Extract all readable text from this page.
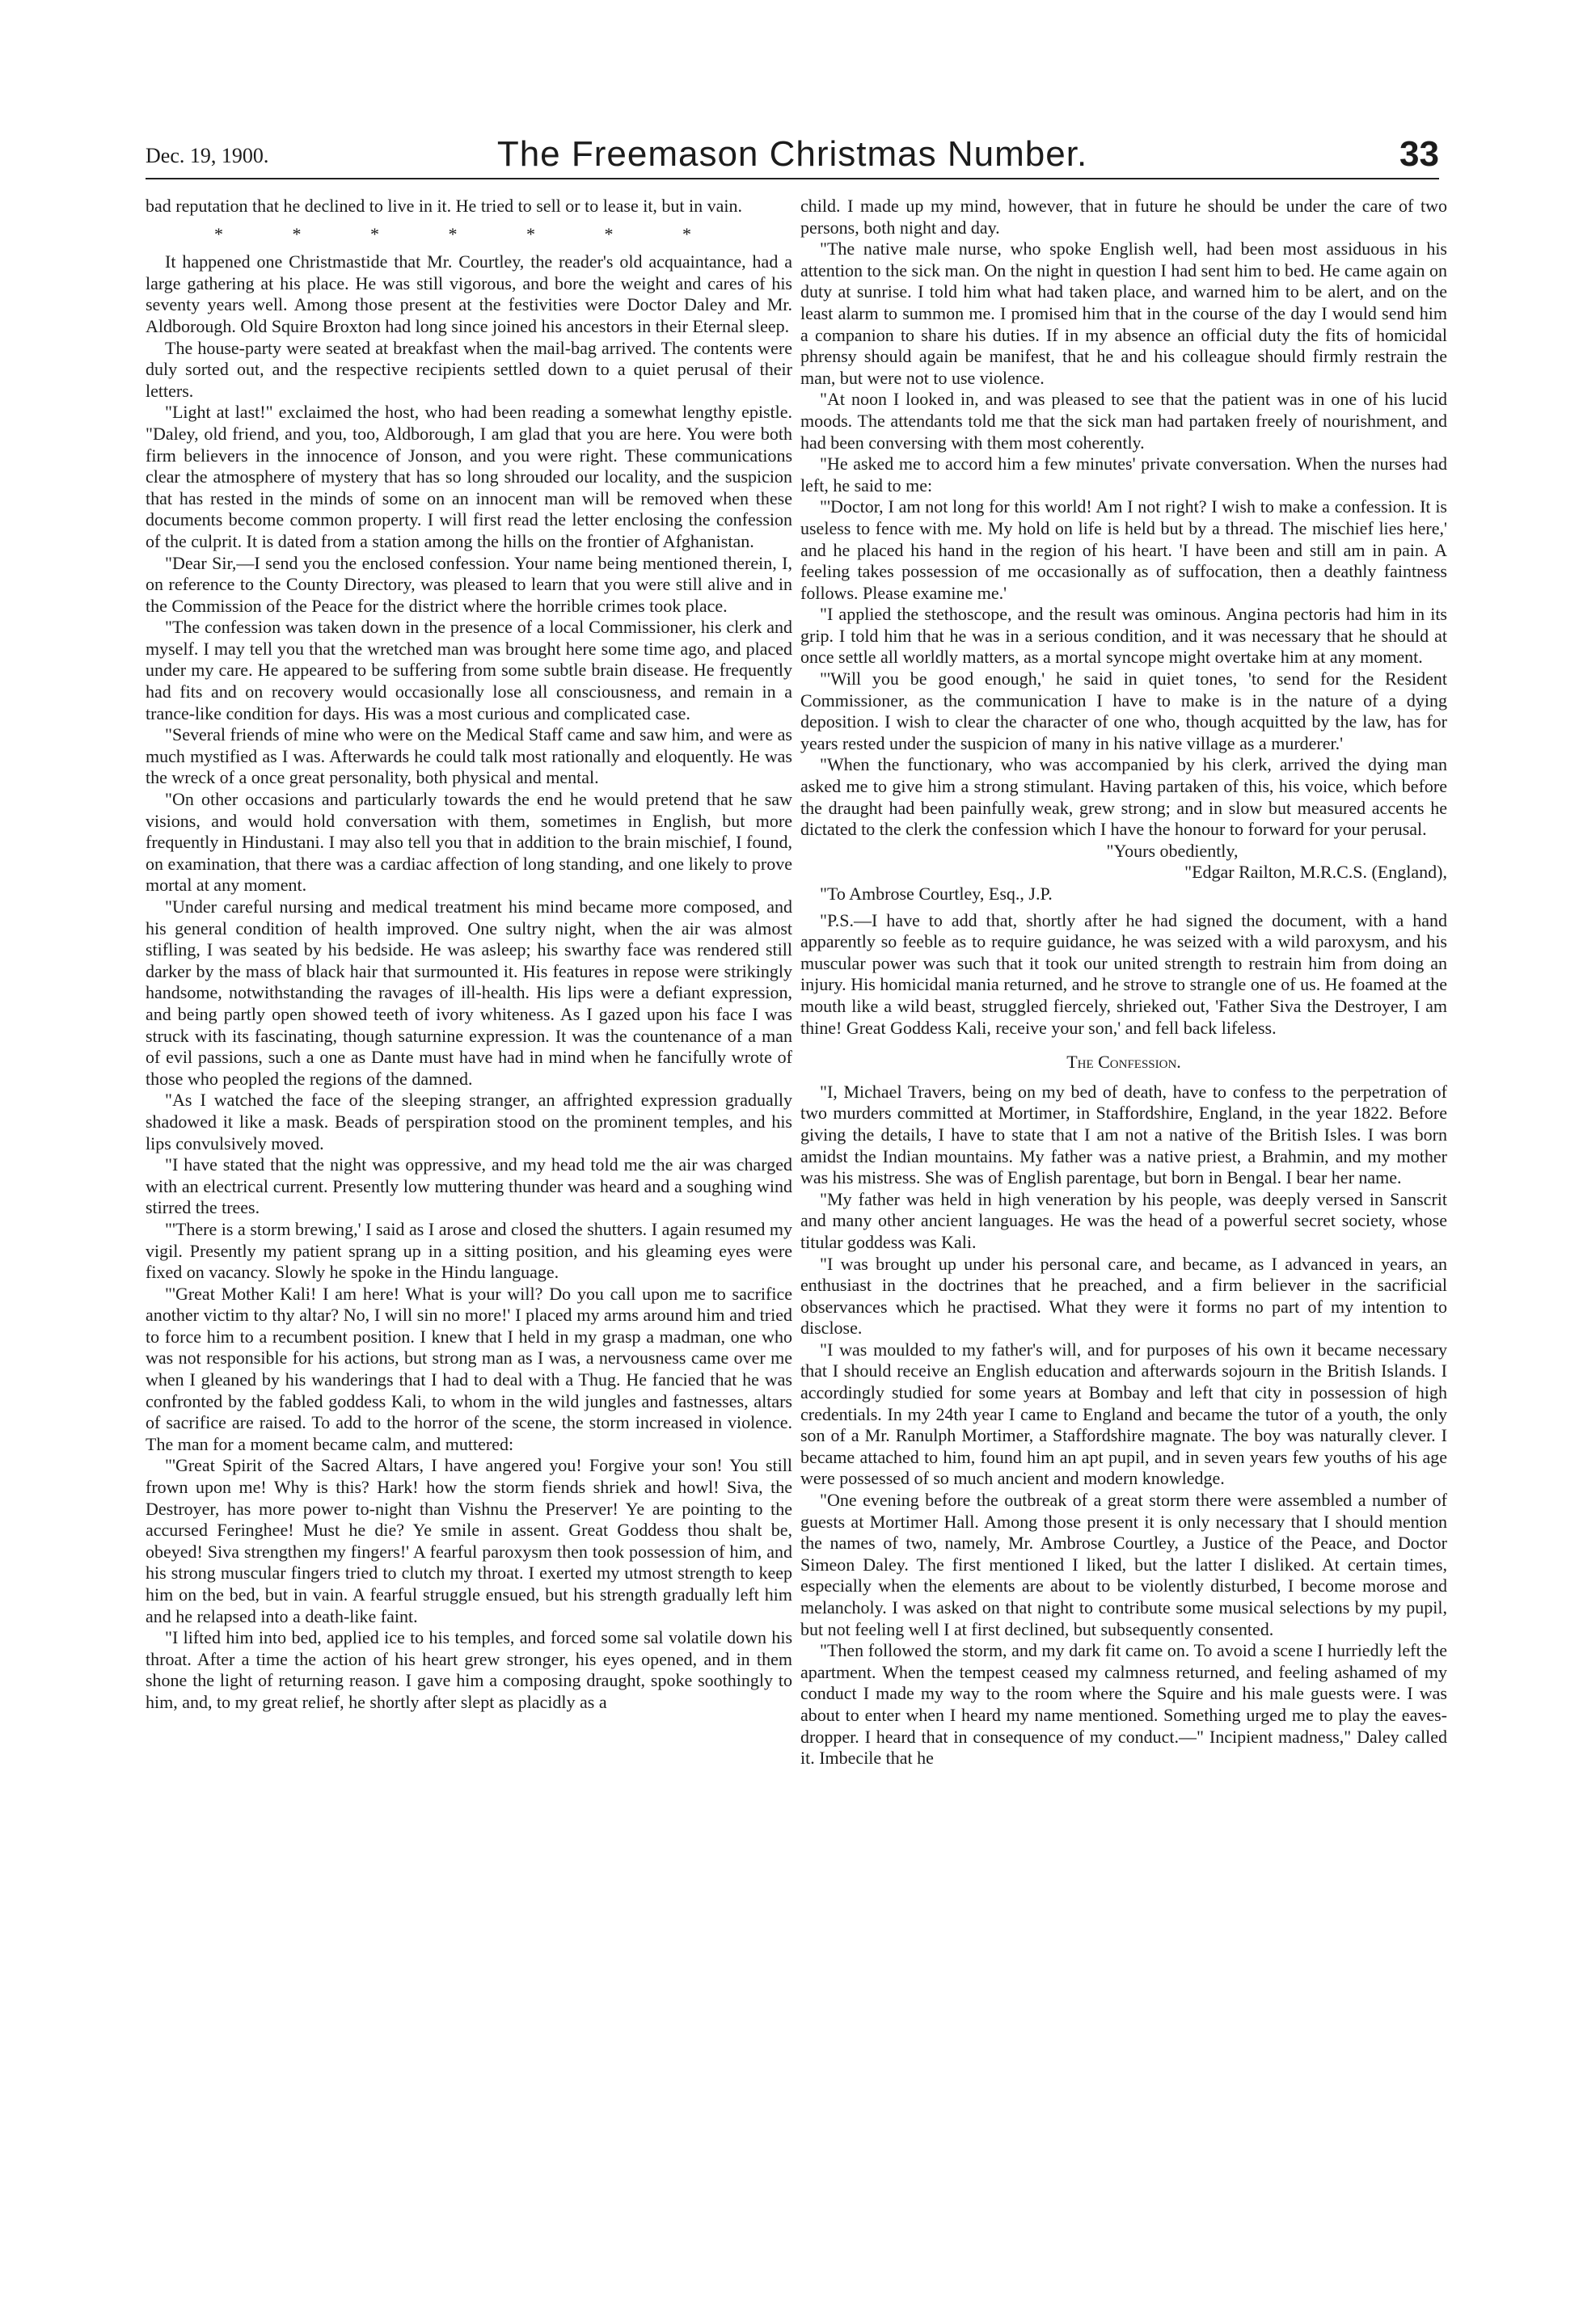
Dec. 19, 1900.	The Freemason Christmas Number.	33

bad reputation that he declined to live in it. He tried to sell or to lease it, but in vain.

* * * * * * *

It happened one Christmastide that Mr. Courtley, the reader's old acquaintance, had a large gathering at his place. He was still vigorous, and bore the weight and cares of his seventy years well. Among those present at the festivities were Doctor Daley and Mr. Aldborough. Old Squire Broxton had long since joined his ancestors in their Eternal sleep.

The house-party were seated at breakfast when the mail-bag arrived. The contents were duly sorted out, and the respective recipients settled down to a quiet perusal of their letters.

"Light at last!" exclaimed the host, who had been reading a somewhat lengthy epistle. "Daley, old friend, and you, too, Aldborough, I am glad that you are here. You were both firm believers in the innocence of Jonson, and you were right. These communications clear the atmosphere of mystery that has so long shrouded our locality, and the suspicion that has rested in the minds of some on an innocent man will be removed when these documents become common property. I will first read the letter enclosing the confession of the culprit. It is dated from a station among the hills on the frontier of Afghanistan.

"Dear Sir,—I send you the enclosed confession. Your name being mentioned therein, I, on reference to the County Directory, was pleased to learn that you were still alive and in the Commission of the Peace for the district where the horrible crimes took place.

"The confession was taken down in the presence of a local Commissioner, his clerk and myself. I may tell you that the wretched man was brought here some time ago, and placed under my care. He appeared to be suffering from some subtle brain disease. He frequently had fits and on recovery would occasionally lose all consciousness, and remain in a trance-like condition for days. His was a most curious and complicated case.

"Several friends of mine who were on the Medical Staff came and saw him, and were as much mystified as I was. Afterwards he could talk most rationally and eloquently. He was the wreck of a once great personality, both physical and mental.

"On other occasions and particularly towards the end he would pretend that he saw visions, and would hold conversation with them, sometimes in English, but more frequently in Hindustani. I may also tell you that in addition to the brain mischief, I found, on examination, that there was a cardiac affection of long standing, and one likely to prove mortal at any moment.

"Under careful nursing and medical treatment his mind became more composed, and his general condition of health improved. One sultry night, when the air was almost stifling, I was seated by his bedside. He was asleep; his swarthy face was rendered still darker by the mass of black hair that surmounted it. His features in repose were strikingly handsome, notwithstanding the ravages of ill-health. His lips were a defiant expression, and being partly open showed teeth of ivory whiteness. As I gazed upon his face I was struck with its fascinating, though saturnine expression. It was the countenance of a man of evil passions, such a one as Dante must have had in mind when he fancifully wrote of those who peopled the regions of the damned.

"As I watched the face of the sleeping stranger, an affrighted expression gradually shadowed it like a mask. Beads of perspiration stood on the prominent temples, and his lips convulsively moved.

"I have stated that the night was oppressive, and my head told me the air was charged with an electrical current. Presently low muttering thunder was heard and a soughing wind stirred the trees.

"'There is a storm brewing,' I said as I arose and closed the shutters. I again resumed my vigil. Presently my patient sprang up in a sitting position, and his gleaming eyes were fixed on vacancy. Slowly he spoke in the Hindu language.

"'Great Mother Kali! I am here! What is your will? Do you call upon me to sacrifice another victim to thy altar? No, I will sin no more!' I placed my arms around him and tried to force him to a recumbent position. I knew that I held in my grasp a madman, one who was not responsible for his actions, but strong man as I was, a nervousness came over me when I gleaned by his wanderings that I had to deal with a Thug. He fancied that he was confronted by the fabled goddess Kali, to whom in the wild jungles and fastnesses, altars of sacrifice are raised. To add to the horror of the scene, the storm increased in violence. The man for a moment became calm, and muttered:

"'Great Spirit of the Sacred Altars, I have angered you! Forgive your son! You still frown upon me! Why is this? Hark! how the storm fiends shriek and howl! Siva, the Destroyer, has more power to-night than Vishnu the Preserver! Ye are pointing to the accursed Feringhee! Must he die? Ye smile in assent. Great Goddess thou shalt be, obeyed! Siva strengthen my fingers!' A fearful paroxysm then took possession of him, and his strong muscular fingers tried to clutch my throat. I exerted my utmost strength to keep him on the bed, but in vain. A fearful struggle ensued, but his strength gradually left him and he relapsed into a death-like faint.

"I lifted him into bed, applied ice to his temples, and forced some sal volatile down his throat. After a time the action of his heart grew stronger, his eyes opened, and in them shone the light of returning reason. I gave him a composing draught, spoke soothingly to him, and, to my great relief, he shortly after slept as placidly as a

child. I made up my mind, however, that in future he should be under the care of two persons, both night and day.

"The native male nurse, who spoke English well, had been most assiduous in his attention to the sick man. On the night in question I had sent him to bed. He came again on duty at sunrise. I told him what had taken place, and warned him to be alert, and on the least alarm to summon me. I promised him that in the course of the day I would send him a companion to share his duties. If in my absence an official duty the fits of homicidal phrensy should again be manifest, that he and his colleague should firmly restrain the man, but were not to use violence.

"At noon I looked in, and was pleased to see that the patient was in one of his lucid moods. The attendants told me that the sick man had partaken freely of nourishment, and had been conversing with them most coherently.

"He asked me to accord him a few minutes' private conversation. When the nurses had left, he said to me:

"'Doctor, I am not long for this world! Am I not right? I wish to make a confession. It is useless to fence with me. My hold on life is held but by a thread. The mischief lies here,' and he placed his hand in the region of his heart. 'I have been and still am in pain. A feeling takes possession of me occasionally as of suffocation, then a deathly faintness follows. Please examine me.'

"I applied the stethoscope, and the result was ominous. Angina pectoris had him in its grip. I told him that he was in a serious condition, and it was necessary that he should at once settle all worldly matters, as a mortal syncope might overtake him at any moment.

"'Will you be good enough,' he said in quiet tones, 'to send for the Resident Commissioner, as the communication I have to make is in the nature of a dying deposition. I wish to clear the character of one who, though acquitted by the law, has for years rested under the suspicion of many in his native village as a murderer.'

"When the functionary, who was accompanied by his clerk, arrived the dying man asked me to give him a strong stimulant. Having partaken of this, his voice, which before the draught had been painfully weak, grew strong; and in slow but measured accents he dictated to the clerk the confession which I have the honour to forward for your perusal.

"Yours obediently,

"Edgar Railton, M.R.C.S. (England),

"To Ambrose Courtley, Esq., J.P.

"P.S.—I have to add that, shortly after he had signed the document, with a hand apparently so feeble as to require guidance, he was seized with a wild paroxysm, and his muscular power was such that it took our united strength to restrain him from doing an injury. His homicidal mania returned, and he strove to strangle one of us. He foamed at the mouth like a wild beast, struggled fiercely, shrieked out, 'Father Siva the Destroyer, I am thine! Great Goddess Kali, receive your son,' and fell back lifeless.

The Confession.

"I, Michael Travers, being on my bed of death, have to confess to the perpetration of two murders committed at Mortimer, in Staffordshire, England, in the year 1822. Before giving the details, I have to state that I am not a native of the British Isles. I was born amidst the Indian mountains. My father was a native priest, a Brahmin, and my mother was his mistress. She was of English parentage, but born in Bengal. I bear her name.

"My father was held in high veneration by his people, was deeply versed in Sanscrit and many other ancient languages. He was the head of a powerful secret society, whose titular goddess was Kali.

"I was brought up under his personal care, and became, as I advanced in years, an enthusiast in the doctrines that he preached, and a firm believer in the sacrificial observances which he practised. What they were it forms no part of my intention to disclose.

"I was moulded to my father's will, and for purposes of his own it became necessary that I should receive an English education and afterwards sojourn in the British Islands. I accordingly studied for some years at Bombay and left that city in possession of high credentials. In my 24th year I came to England and became the tutor of a youth, the only son of a Mr. Ranulph Mortimer, a Staffordshire magnate. The boy was naturally clever. I became attached to him, found him an apt pupil, and in seven years few youths of his age were possessed of so much ancient and modern knowledge.

"One evening before the outbreak of a great storm there were assembled a number of guests at Mortimer Hall. Among those present it is only necessary that I should mention the names of two, namely, Mr. Ambrose Courtley, a Justice of the Peace, and Doctor Simeon Daley. The first mentioned I liked, but the latter I disliked. At certain times, especially when the elements are about to be violently disturbed, I become morose and melancholy. I was asked on that night to contribute some musical selections by my pupil, but not feeling well I at first declined, but subsequently consented.

"Then followed the storm, and my dark fit came on. To avoid a scene I hurriedly left the apartment. When the tempest ceased my calmness returned, and feeling ashamed of my conduct I made my way to the room where the Squire and his male guests were. I was about to enter when I heard my name mentioned. Something urged me to play the eaves-dropper. I heard that in consequence of my conduct.—" Incipient madness," Daley called it. Imbecile that he
